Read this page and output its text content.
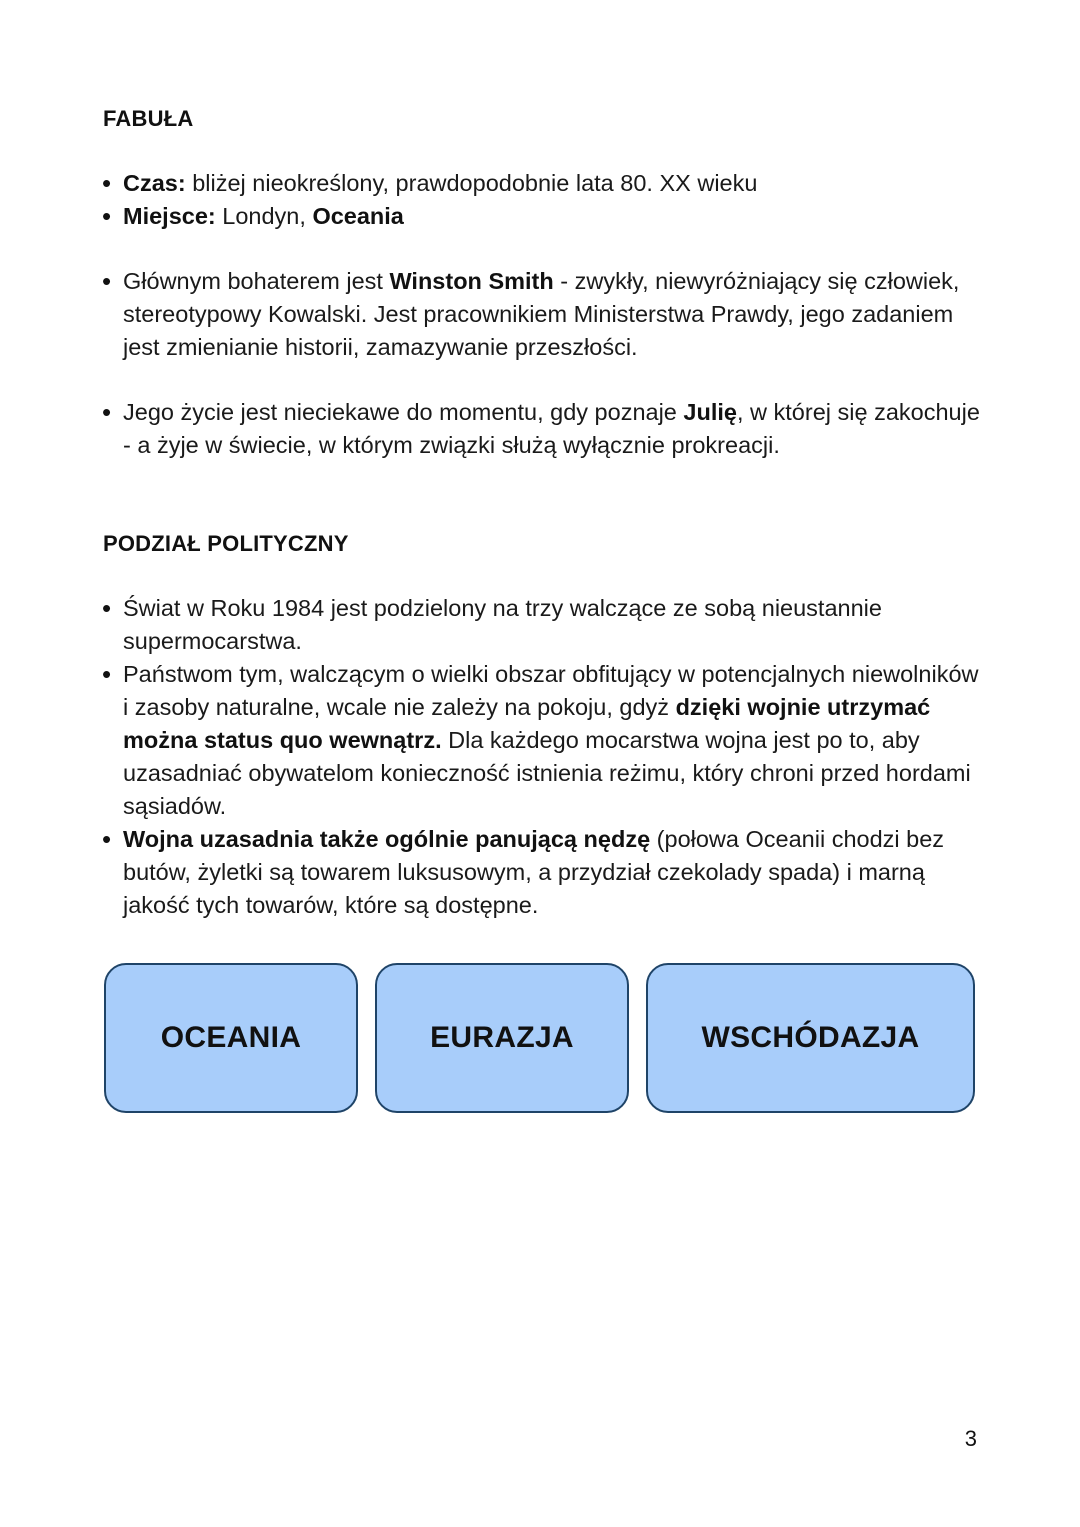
FABUŁA
• Czas: bliżej nieokreślony, prawdopodobnie lata 80. XX wieku
• Miejsce: Londyn, Oceania
• Głównym bohaterem jest Winston Smith - zwykły, niewyróżniający się człowiek, stereotypowy Kowalski. Jest pracownikiem Ministerstwa Prawdy, jego zadaniem jest zmienianie historii, zamazywanie przeszłości.
• Jego życie jest nieciekawe do momentu, gdy poznaje Julię, w której się zakochuje - a żyje w świecie, w którym związki służą wyłącznie prokreacji.
PODZIAŁ POLITYCZNY
• Świat w Roku 1984 jest podzielony na trzy walczące ze sobą nieustannie supermocarstwa.
• Państwom tym, walczącym o wielki obszar obfitujący w potencjalnych niewolników i zasoby naturalne, wcale nie zależy na pokoju, gdyż dzięki wojnie utrzymać można status quo wewnątrz. Dla każdego mocarstwa wojna jest po to, aby uzasadniać obywatelom konieczność istnienia reżimu, który chroni przed hordami sąsiadów.
• Wojna uzasadnia także ogólnie panującą nędzę (połowa Oceanii chodzi bez butów, żyletki są towarem luksusowym, a przydział czekolady spada) i marną jakość tych towarów, które są dostępne.
OCEANIA	EURAZJA	WSCHÓDAZJA
3
